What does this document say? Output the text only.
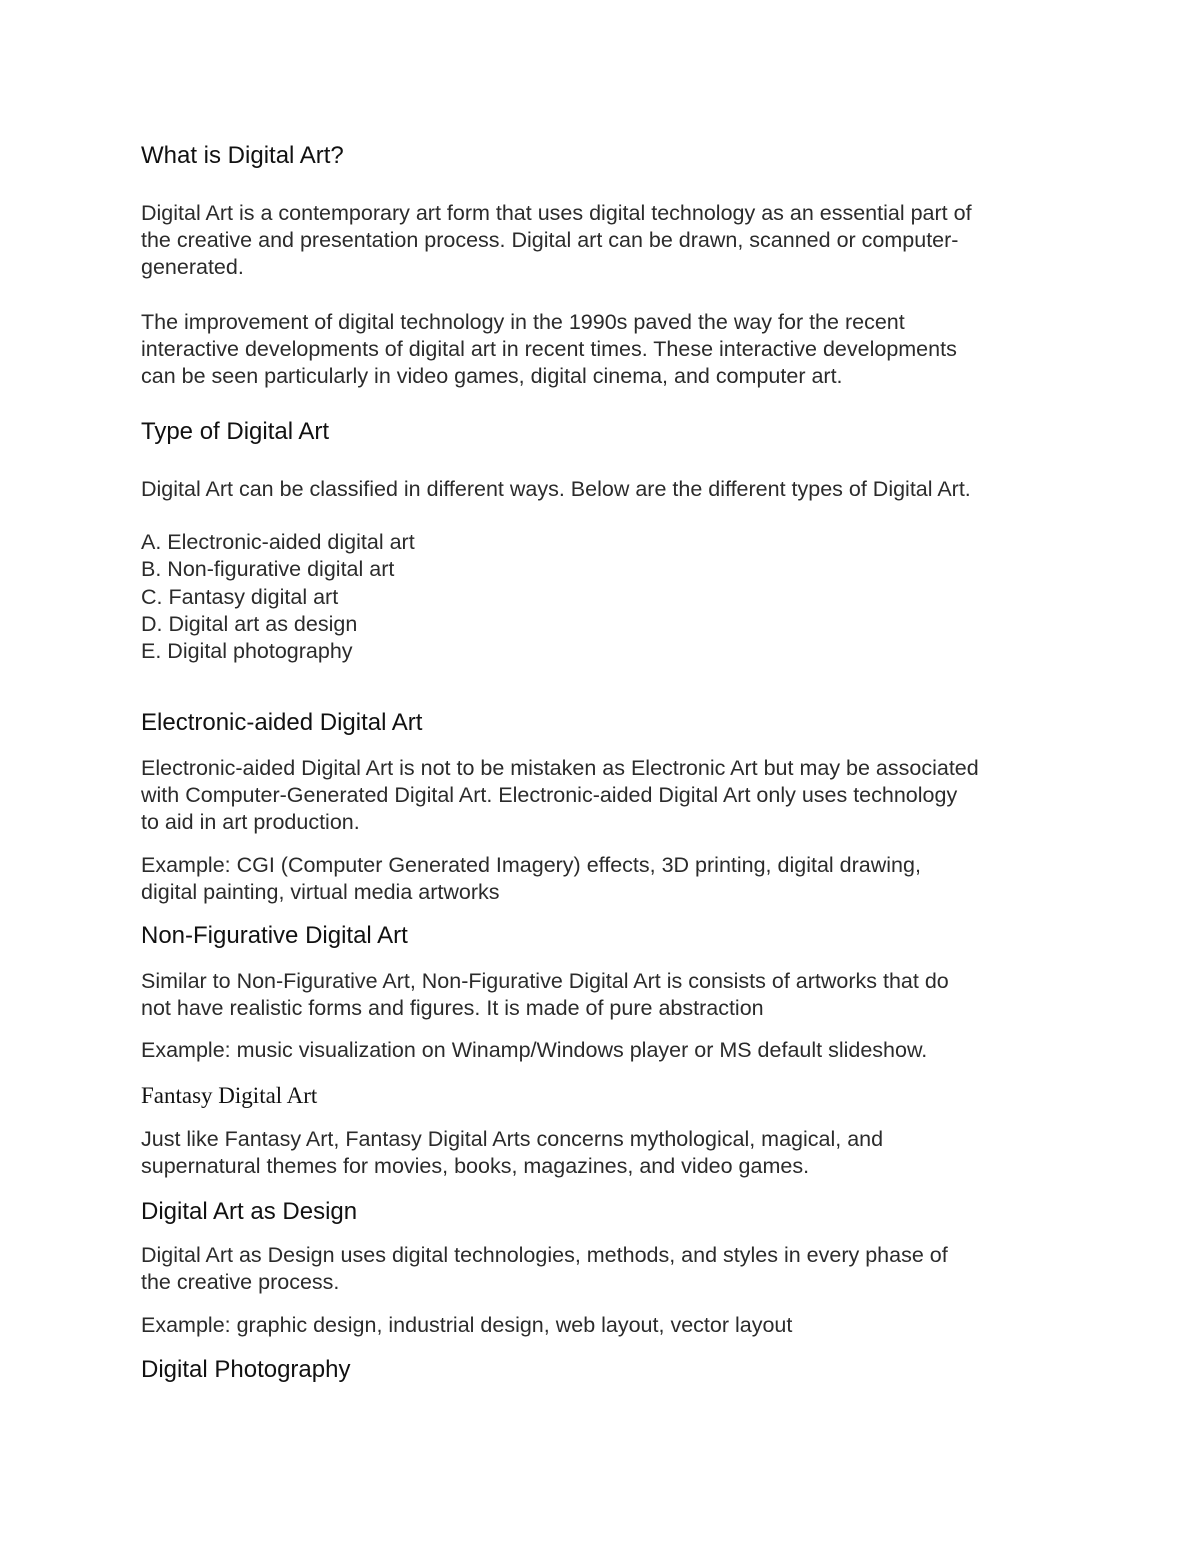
What is Digital Art?

Digital Art is a contemporary art form that uses digital technology as an essential part of
the creative and presentation process. Digital art can be drawn, scanned or computer-
generated.

The improvement of digital technology in the 1990s paved the way for the recent
interactive developments of digital art in recent times. These interactive developments
can be seen particularly in video games, digital cinema, and computer art.

Type of Digital Art

Digital Art can be classified in different ways. Below are the different types of Digital Art.

A. Electronic-aided digital art
B. Non-figurative digital art
C. Fantasy digital art
D. Digital art as design
E. Digital photography
Electronic-aided Digital Art

Electronic-aided Digital Art is not to be mistaken as Electronic Art but may be associated
with Computer-Generated Digital Art. Electronic-aided Digital Art only uses technology
to aid in art production.

Example: CGI (Computer Generated Imagery) effects, 3D printing, digital drawing,
digital painting, virtual media artworks

Non-Figurative Digital Art

Similar to Non-Figurative Art, Non-Figurative Digital Art is consists of artworks that do
not have realistic forms and figures. It is made of pure abstraction

Example: music visualization on Winamp/Windows player or MS default slideshow.

Fantasy Digital Art

Just like Fantasy Art, Fantasy Digital Arts concerns mythological, magical, and
supernatural themes for movies, books, magazines, and video games.

Digital Art as Design

Digital Art as Design uses digital technologies, methods, and styles in every phase of
the creative process.

Example: graphic design, industrial design, web layout, vector layout

Digital Photography
